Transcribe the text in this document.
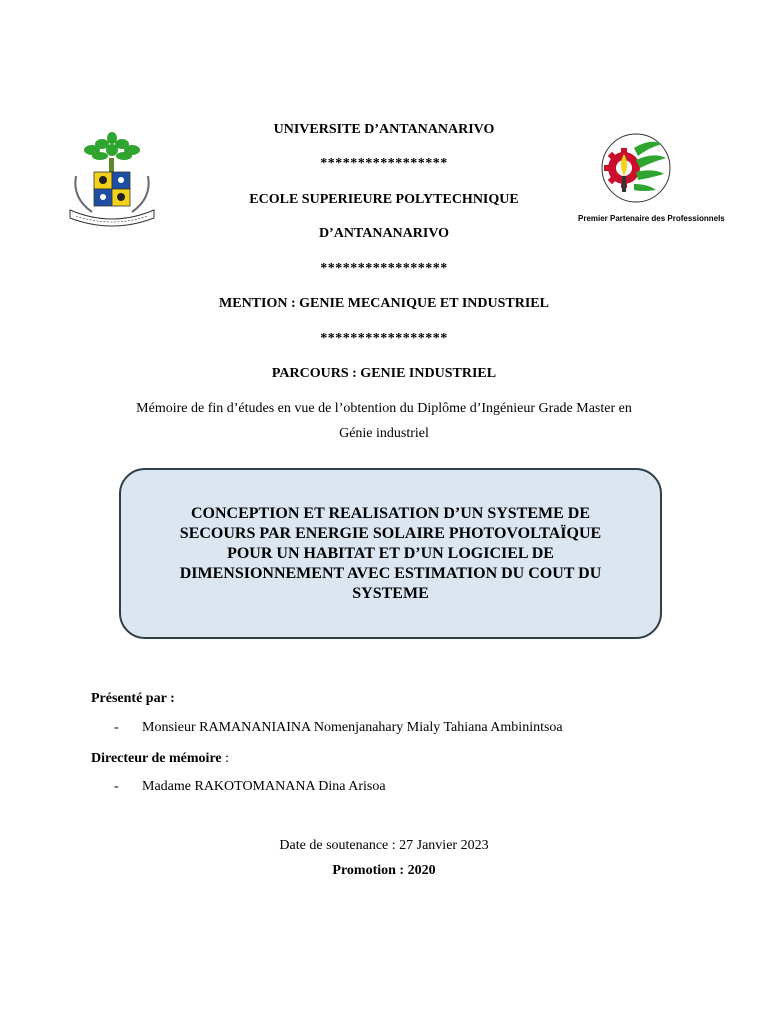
Premier Partenaire des Professionnels
UNIVERSITE D’ANTANANARIVO
*****************
ECOLE SUPERIEURE POLYTECHNIQUE
D’ANTANANARIVO
*****************
MENTION : GENIE MECANIQUE ET INDUSTRIEL
*****************
PARCOURS : GENIE INDUSTRIEL
Mémoire de fin d’études en vue de l’obtention du Diplôme d’Ingénieur Grade Master en
Génie industriel
CONCEPTION ET REALISATION D’UN SYSTEME DE
SECOURS PAR ENERGIE SOLAIRE PHOTOVOLTAÏQUE
POUR UN HABITAT ET D’UN LOGICIEL DE
DIMENSIONNEMENT AVEC ESTIMATION DU COUT DU
SYSTEME
Présenté par :
- Monsieur RAMANANIAINA Nomenjanahary Mialy Tahiana Ambinintsoa
Directeur de mémoire :
- Madame RAKOTOMANANA Dina Arisoa
Date de soutenance : 27 Janvier 2023
Promotion : 2020
